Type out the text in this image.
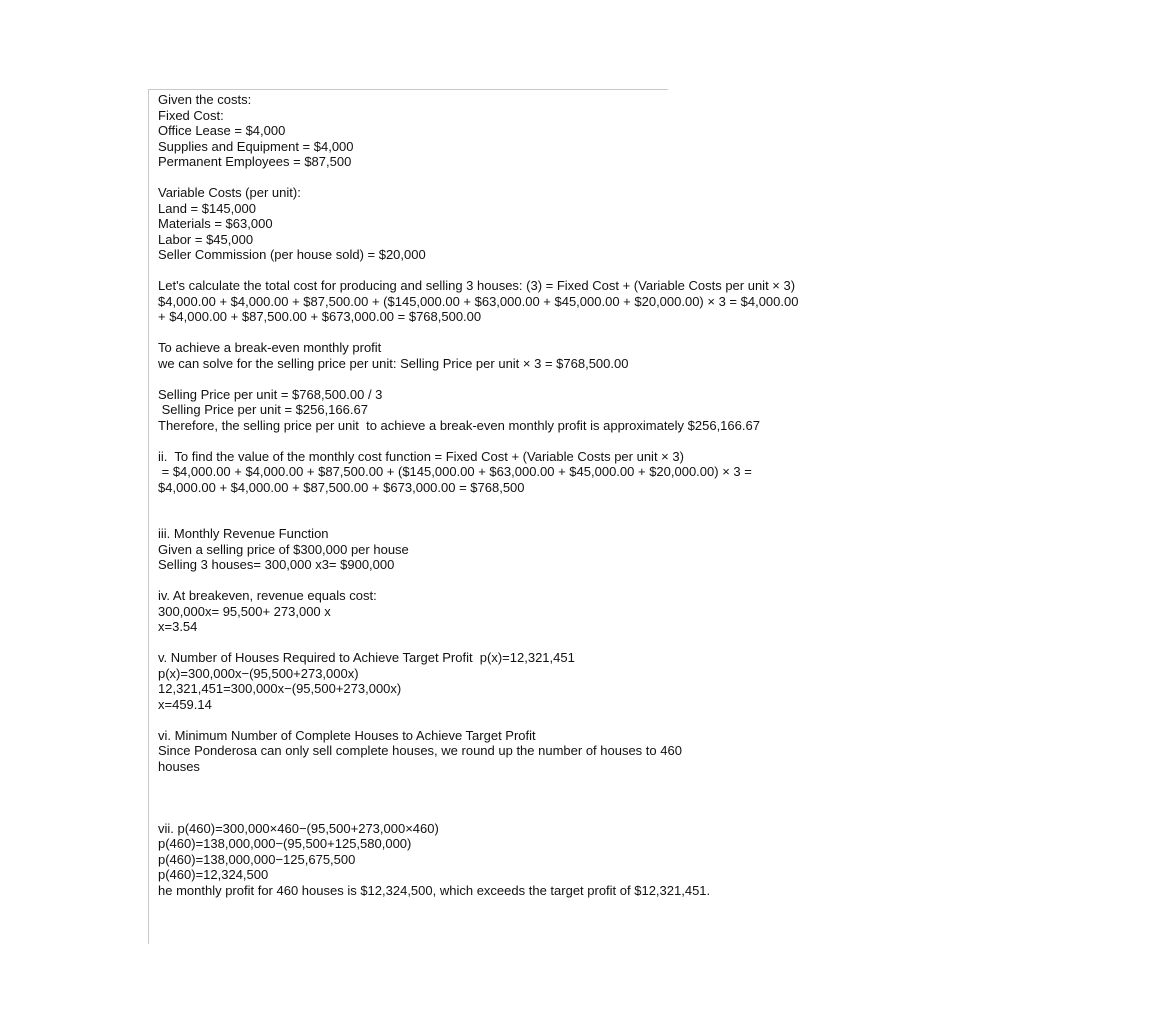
Given the costs:
Fixed Cost:
Office Lease = $4,000
Supplies and Equipment = $4,000
Permanent Employees = $87,500
Variable Costs (per unit):
Land = $145,000
Materials = $63,000
Labor = $45,000
Seller Commission (per house sold) = $20,000
Let's calculate the total cost for producing and selling 3 houses: (3) = Fixed Cost + (Variable Costs per unit × 3)
$4,000.00 + $4,000.00 + $87,500.00 + ($145,000.00 + $63,000.00 + $45,000.00 + $20,000.00) × 3 = $4,000.00
+ $4,000.00 + $87,500.00 + $673,000.00 = $768,500.00
To achieve a break-even monthly profit
we can solve for the selling price per unit: Selling Price per unit × 3 = $768,500.00
Selling Price per unit = $768,500.00 / 3
Selling Price per unit = $256,166.67
Therefore, the selling price per unit  to achieve a break-even monthly profit is approximately $256,166.67
ii.  To find the value of the monthly cost function = Fixed Cost + (Variable Costs per unit × 3)
= $4,000.00 + $4,000.00 + $87,500.00 + ($145,000.00 + $63,000.00 + $45,000.00 + $20,000.00) × 3 =
$4,000.00 + $4,000.00 + $87,500.00 + $673,000.00 = $768,500
iii. Monthly Revenue Function
Given a selling price of $300,000 per house
Selling 3 houses= 300,000 x3= $900,000
iv. At breakeven, revenue equals cost:
300,000x= 95,500+ 273,000 x
x=3.54
v. Number of Houses Required to Achieve Target Profit  p(x)=12,321,451
p(x)=300,000x−(95,500+273,000x)
12,321,451=300,000x−(95,500+273,000x)
x=459.14
vi. Minimum Number of Complete Houses to Achieve Target Profit
Since Ponderosa can only sell complete houses, we round up the number of houses to 460
houses
vii. p(460)=300,000×460−(95,500+273,000×460)
p(460)=138,000,000−(95,500+125,580,000)
p(460)=138,000,000−125,675,500
p(460)=12,324,500
he monthly profit for 460 houses is $12,324,500, which exceeds the target profit of $12,321,451.
